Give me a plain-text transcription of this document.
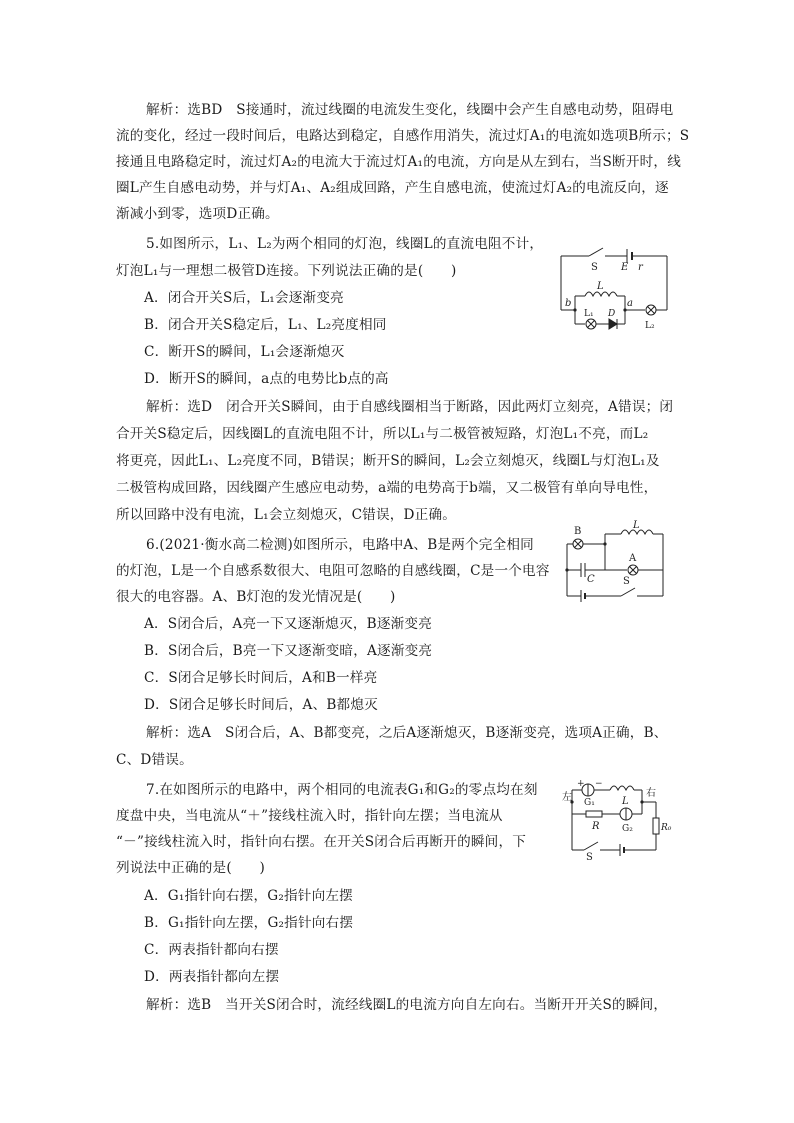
解析：选BD　S接通时，流过线圈的电流发生变化，线圈中会产生自感电动势，阻碍电
流的变化，经过一段时间后，电路达到稳定，自感作用消失，流过灯A₁的电流如选项B所示；S
接通且电路稳定时，流过灯A₂的电流大于流过灯A₁的电流，方向是从左到右，当S断开时，线
圈L产生自感电动势，并与灯A₁、A₂组成回路，产生自感电流，使流过灯A₂的电流反向，逐
渐减小到零，选项D正确。
5.如图所示，L₁、L₂为两个相同的灯泡，线圈L的直流电阻不计，
灯泡L₁与一理想二极管D连接。下列说法正确的是(　　)
A．闭合开关S后，L₁会逐渐变亮
B．闭合开关S稳定后，L₁、L₂亮度相同
C．断开S的瞬间，L₁会逐渐熄灭
D．断开S的瞬间，a点的电势比b点的高
S E r
L
a
b
L₁ D
L₂
解析：选D　闭合开关S瞬间，由于自感线圈相当于断路，因此两灯立刻亮，A错误；闭
合开关S稳定后，因线圈L的直流电阻不计，所以L₁与二极管被短路，灯泡L₁不亮，而L₂
将更亮，因此L₁、L₂亮度不同，B错误；断开S的瞬间，L₂会立刻熄灭，线圈L与灯泡L₁及
二极管构成回路，因线圈产生感应电动势，a端的电势高于b端，又二极管有单向导电性，
所以回路中没有电流，L₁会立刻熄灭，C错误，D正确。
6.(2021·衡水高二检测)如图所示，电路中A、B是两个完全相同
的灯泡，L是一个自感系数很大、电阻可忽略的自感线圈，C是一个电容
很大的电容器。A、B灯泡的发光情况是(　　)
A．S闭合后，A亮一下又逐渐熄灭，B逐渐变亮
B．S闭合后，B亮一下又逐渐变暗，A逐渐变亮
C．S闭合足够长时间后，A和B一样亮
D．S闭合足够长时间后，A、B都熄灭
B
L
A
C	S
解析：选A　S闭合后，A、B都变亮，之后A逐渐熄灭，B逐渐变亮，选项A正确，B、
C、D错误。
7.在如图所示的电路中，两个相同的电流表G₁和G₂的零点均在刻
度盘中央，当电流从“＋”接线柱流入时，指针向左摆；当电流从
“－”接线柱流入时，指针向右摆。在开关S闭合后再断开的瞬间，下
列说法中正确的是(　　)
A．G₁指针向右摆，G₂指针向左摆
B．G₁指针向左摆，G₂指针向右摆
C．两表指针都向右摆
D．两表指针都向左摆
左	右
+ −
G₁	L
R G₂	R₀
S
解析：选B　当开关S闭合时，流经线圈L的电流方向自左向右。当断开开关S的瞬间，
